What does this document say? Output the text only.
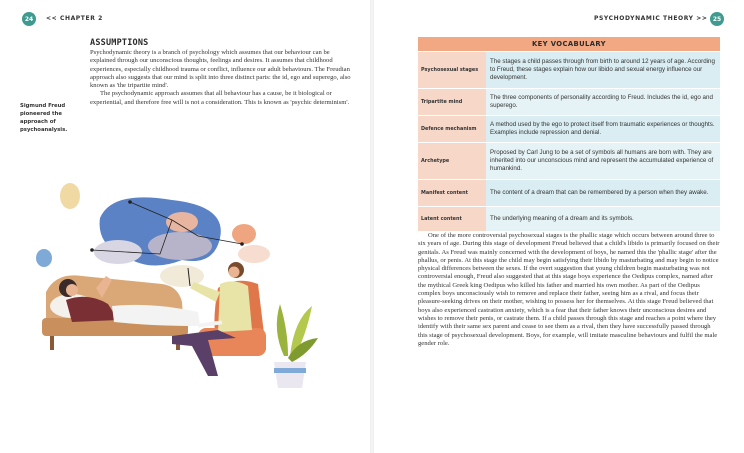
24	<< CHAPTER 2
ASSUMPTIONS

Psychodynamic theory is a branch of psychology which assumes that our behaviour can be explained through our unconscious thoughts, feelings and desires. It assumes that childhood experiences, especially childhood trauma or conflict, influence our adult behaviours. The Freudian approach also suggests that our mind is split into three distinct parts: the id, ego and superego, also known as 'the tripartite mind'.

The psychodynamic approach assumes that all behaviour has a cause, be it biological or experiential, and therefore free will is not a consideration. This is known as 'psychic determinism'.

Sigmund Freud pioneered the approach of psychoanalysis.
PSYCHODYNAMIC THEORY >> 25
KEY VOCABULARY	
Psychosexual stages	The stages a child passes through from birth to around 12 years of age. According to Freud, these stages explain how our libido and sexual energy influence our development.
Tripartite mind	The three components of personality according to Freud. Includes the id, ego and superego.
Defence mechanism	A method used by the ego to protect itself from traumatic experiences or thoughts. Examples include repression and denial.
Archetype	Proposed by Carl Jung to be a set of symbols all humans are born with. They are inherited into our unconscious mind and represent the accumulated experience of humankind.
Manifest content	The content of a dream that can be remembered by a person when they awake.
Latent content	The underlying meaning of a dream and its symbols.
One of the more controversial psychosexual stages is the phallic stage which occurs between around three to six years of age. During this stage of development Freud believed that a child's libido is primarily focused on their genitals. As Freud was mainly concerned with the development of boys, he named this the 'phallic stage' after the phallus, or penis. At this stage the child may begin satisfying their libido by masturbating and may begin to notice physical differences between the sexes. If the overt suggestion that young children begin masturbating was not controversial enough, Freud also suggested that at this stage boys experience the Oedipus complex, named after the mythical Greek king Oedipus who killed his father and married his own mother. As part of the Oedipus complex boys unconsciously wish to remove and replace their father, seeing him as a rival, and focus their pleasure-seeking drives on their mother, wishing to possess her for themselves. At this stage Freud believed that boys also experienced castration anxiety, which is a fear that their father knows their unconscious desires and wishes to remove their penis, or castrate them. If a child passes through this stage and reaches a point where they identify with their same sex parent and cease to see them as a rival, then they have successfully passed through this stage of psychosexual development. Boys, for example, will imitate masculine behaviours and fulfil the male gender role.
